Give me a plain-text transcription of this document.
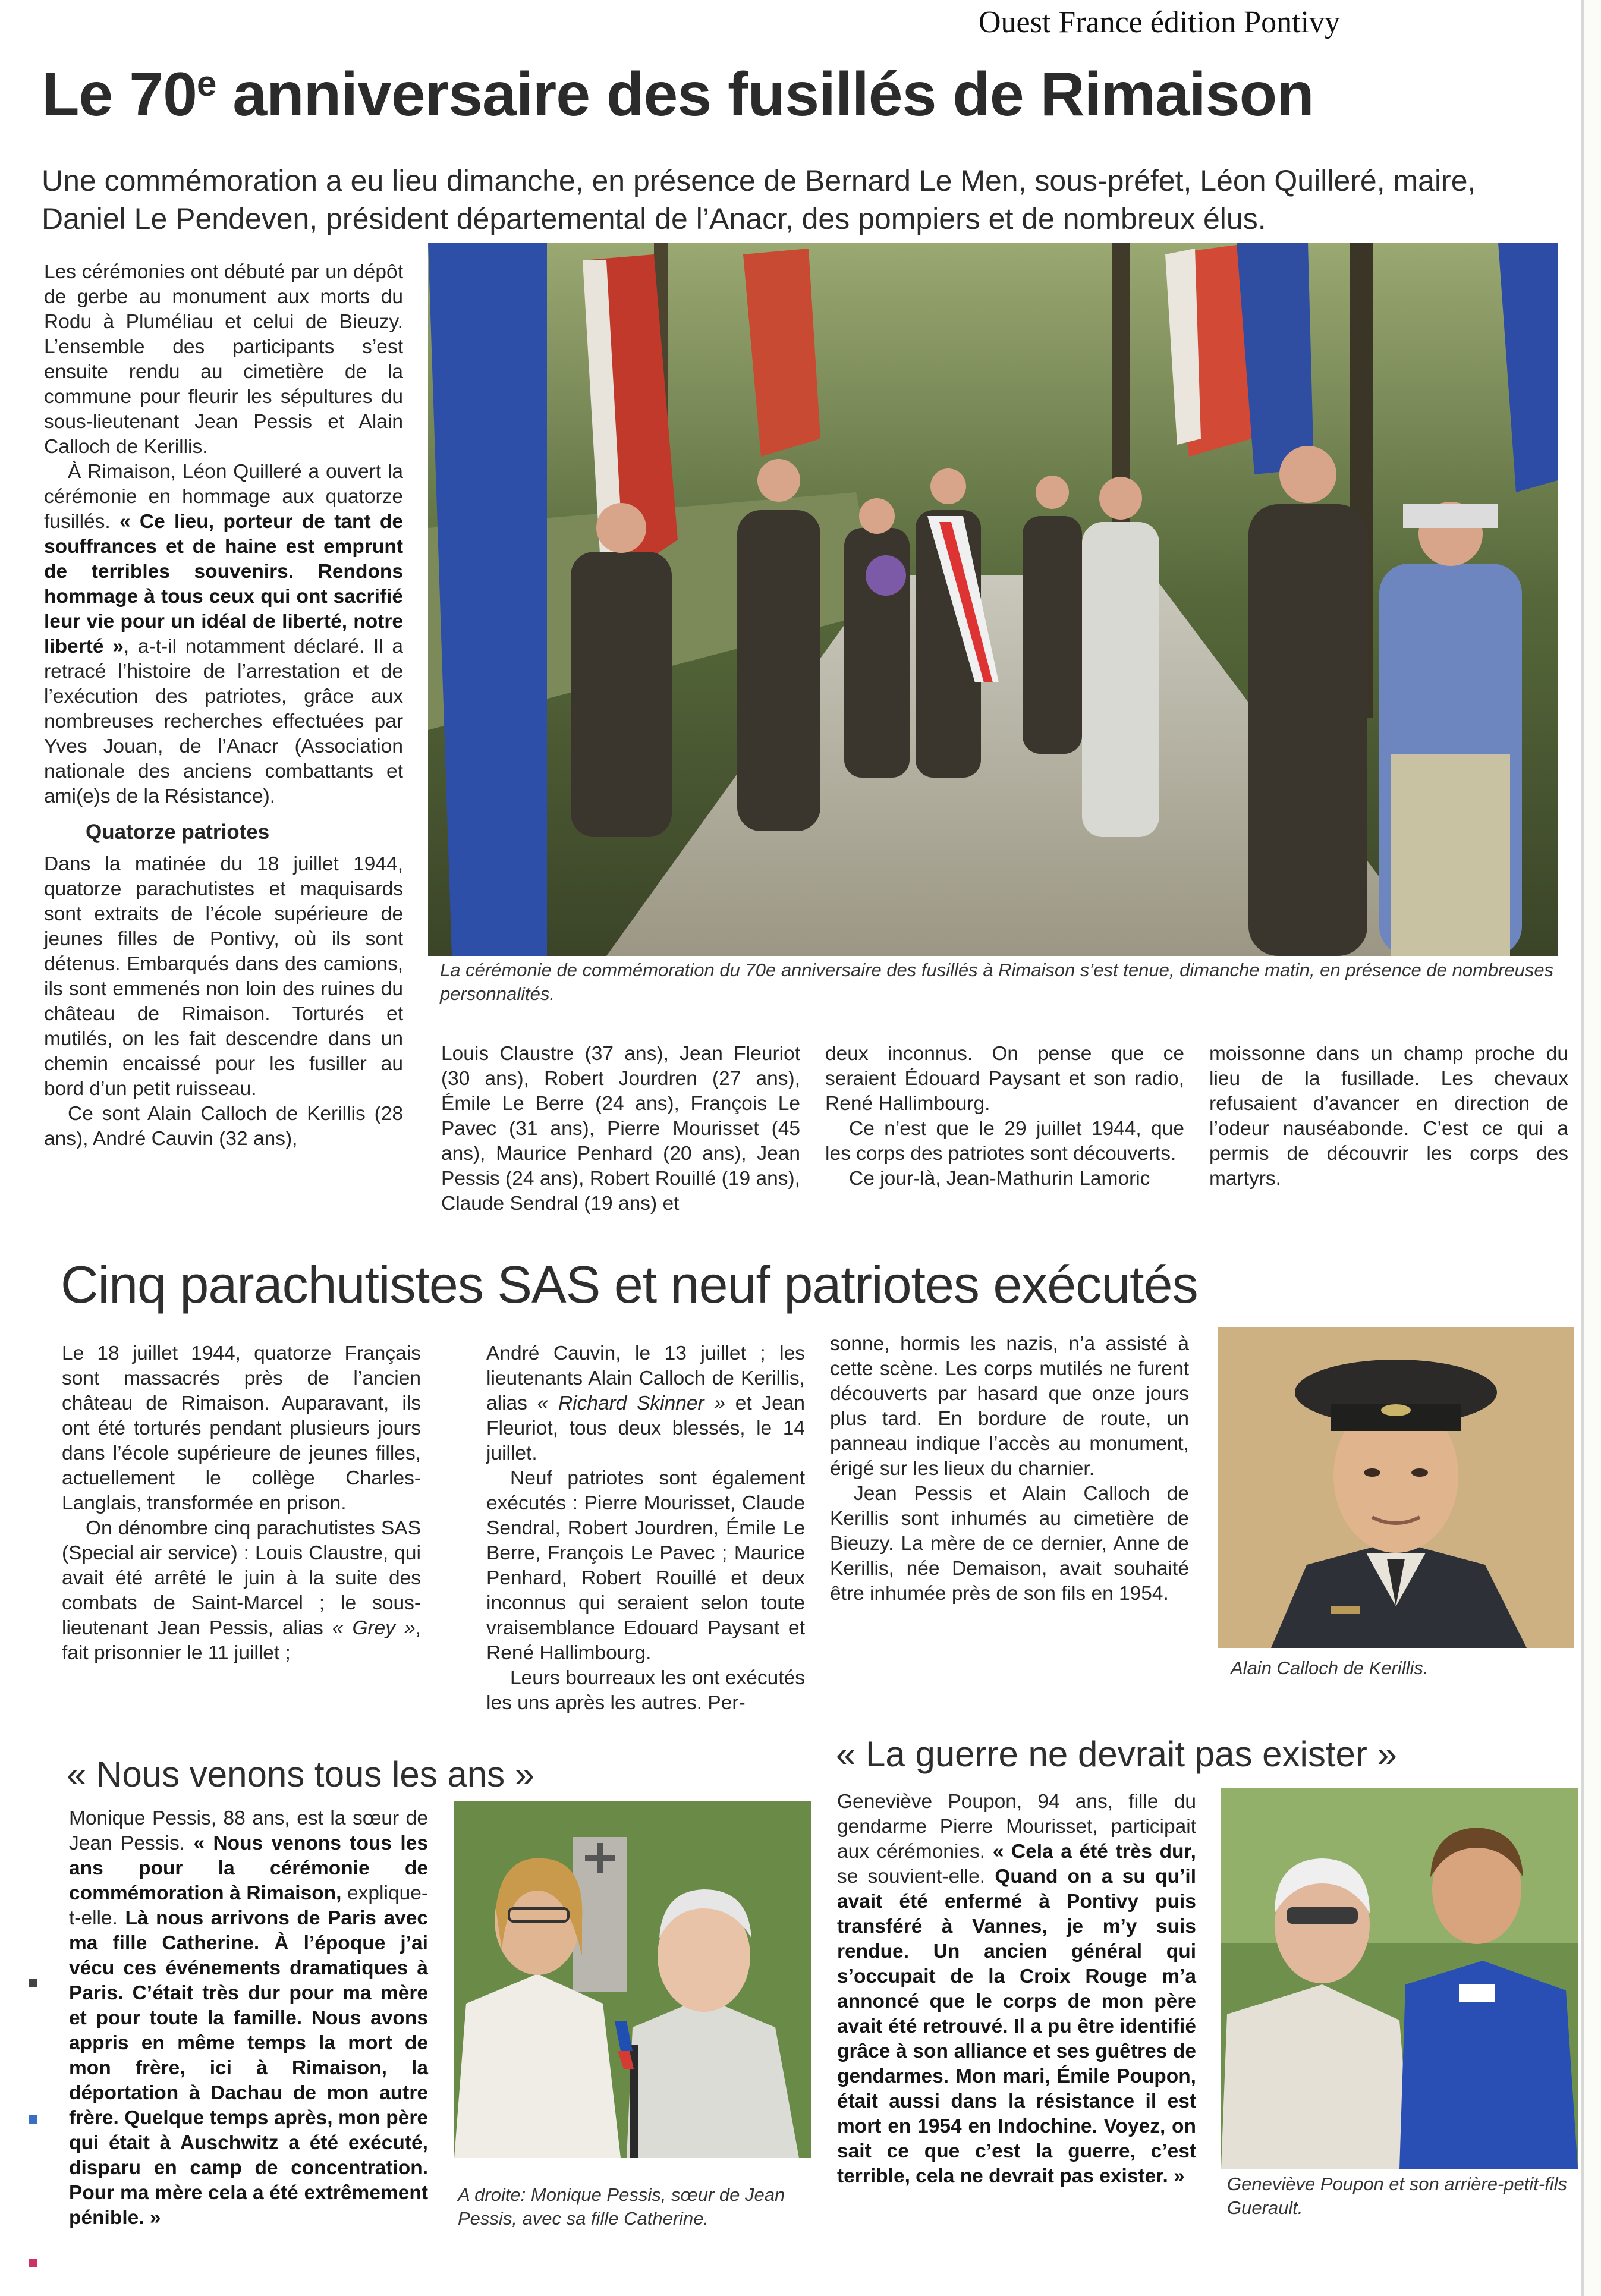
Ouest France édition Pontivy
Le 70e anniversaire des fusillés de Rimaison
Une commémoration a eu lieu dimanche, en présence de Bernard Le Men, sous-préfet, Léon Quilleré, maire, Daniel Le Pendeven, président départemental de l’Anacr, des pompiers et de nombreux élus.

Les cérémonies ont débuté par un dépôt de gerbe au monument aux morts du Rodu à Pluméliau et celui de Bieuzy. L’ensemble des participants s’est ensuite rendu au cimetière de la commune pour fleurir les sépultures du sous-lieutenant Jean Pessis et Alain Calloch de Kerillis.

À Rimaison, Léon Quilleré a ouvert la cérémonie en hommage aux quatorze fusillés. « Ce lieu, porteur de tant de souffrances et de haine est emprunt de terribles souvenirs. Rendons hommage à tous ceux qui ont sacrifié leur vie pour un idéal de liberté, notre liberté », a-t-il notamment déclaré. Il a retracé l’histoire de l’arrestation et de l’exécution des patriotes, grâce aux nombreuses recherches effectuées par Yves Jouan, de l’Anacr (Association nationale des anciens combattants et ami(e)s de la Résistance).

Quatorze patriotes

Dans la matinée du 18 juillet 1944, quatorze parachutistes et maquisards sont extraits de l’école supérieure de jeunes filles de Pontivy, où ils sont détenus. Embarqués dans des camions, ils sont emmenés non loin des ruines du château de Rimaison. Torturés et mutilés, on les fait descendre dans un chemin encaissé pour les fusiller au bord d’un petit ruisseau.

Ce sont Alain Calloch de Kerillis (28 ans), André Cauvin (32 ans),

La cérémonie de commémoration du 70e anniversaire des fusillés à Rimaison s’est tenue, dimanche matin, en présence de nombreuses personnalités.

Louis Claustre (37 ans), Jean Fleuriot (30 ans), Robert Jourdren (27 ans), Émile Le Berre (24 ans), François Le Pavec (31 ans), Pierre Mourisset (45 ans), Maurice Penhard (20 ans), Jean Pessis (24 ans), Robert Rouillé (19 ans), Claude Sendral (19 ans) et

deux inconnus. On pense que ce seraient Édouard Paysant et son radio, René Hallimbourg.

Ce n’est que le 29 juillet 1944, que les corps des patriotes sont découverts.

Ce jour-là, Jean-Mathurin Lamoric

moissonne dans un champ proche du lieu de la fusillade. Les chevaux refusaient d’avancer en direction de l’odeur nauséabonde. C’est ce qui a permis de découvrir les corps des martyrs.

Cinq parachutistes SAS et neuf patriotes exécutés

Le 18 juillet 1944, quatorze Français sont massacrés près de l’ancien château de Rimaison. Auparavant, ils ont été torturés pendant plusieurs jours dans l’école supérieure de jeunes filles, actuellement le collège Charles-Langlais, transformée en prison.

On dénombre cinq parachutistes SAS (Special air service) : Louis Claustre, qui avait été arrêté le juin à la suite des combats de Saint-Marcel ; le sous-lieutenant Jean Pessis, alias « Grey », fait prisonnier le 11 juillet ;

André Cauvin, le 13 juillet ; les lieutenants Alain Calloch de Kerillis, alias « Richard Skinner » et Jean Fleuriot, tous deux blessés, le 14 juillet.

Neuf patriotes sont également exécutés : Pierre Mourisset, Claude Sendral, Robert Jourdren, Émile Le Berre, François Le Pavec ; Maurice Penhard, Robert Rouillé et deux inconnus qui seraient selon toute vraisemblance Edouard Paysant et René Hallimbourg.

Leurs bourreaux les ont exécutés les uns après les autres. Per-

sonne, hormis les nazis, n’a assisté à cette scène. Les corps mutilés ne furent découverts par hasard que onze jours plus tard. En bordure de route, un panneau indique l’accès au monument, érigé sur les lieux du charnier.

Jean Pessis et Alain Calloch de Kerillis sont inhumés au cimetière de Bieuzy. La mère de ce dernier, Anne de Kerillis, née Demaison, avait souhaité être inhumée près de son fils en 1954.

Alain Calloch de Kerillis.
« Nous venons tous les ans »

Monique Pessis, 88 ans, est la sœur de Jean Pessis. « Nous venons tous les ans pour la cérémonie de commémoration à Rimaison, explique-t-elle. Là nous arrivons de Paris avec ma fille Catherine. À l’époque j’ai vécu ces événements dramatiques à Paris. C’était très dur pour ma mère et pour toute la famille. Nous avons appris en même temps la mort de mon frère, ici à Rimaison, la déportation à Dachau de mon autre frère. Quelque temps après, mon père qui était à Auschwitz a été exécuté, disparu en camp de concentration. Pour ma mère cela a été extrêmement pénible. »

A droite: Monique Pessis, sœur de Jean Pessis, avec sa fille Catherine.
« La guerre ne devrait pas exister »

Geneviève Poupon, 94 ans, fille du gendarme Pierre Mourisset, participait aux cérémonies. « Cela a été très dur, se souvient-elle. Quand on a su qu’il avait été enfermé à Pontivy puis transféré à Vannes, je m’y suis rendue. Un ancien général qui s’occupait de la Croix Rouge m’a annoncé que le corps de mon père avait été retrouvé. Il a pu être identifié grâce à son alliance et ses guêtres de gendarmes. Mon mari, Émile Poupon, était aussi dans la résistance il est mort en 1954 en Indochine. Voyez, on sait ce que c’est la guerre, c’est terrible, cela ne devrait pas exister. »	Geneviève Poupon et son arrière-petit-fils Guerault.
